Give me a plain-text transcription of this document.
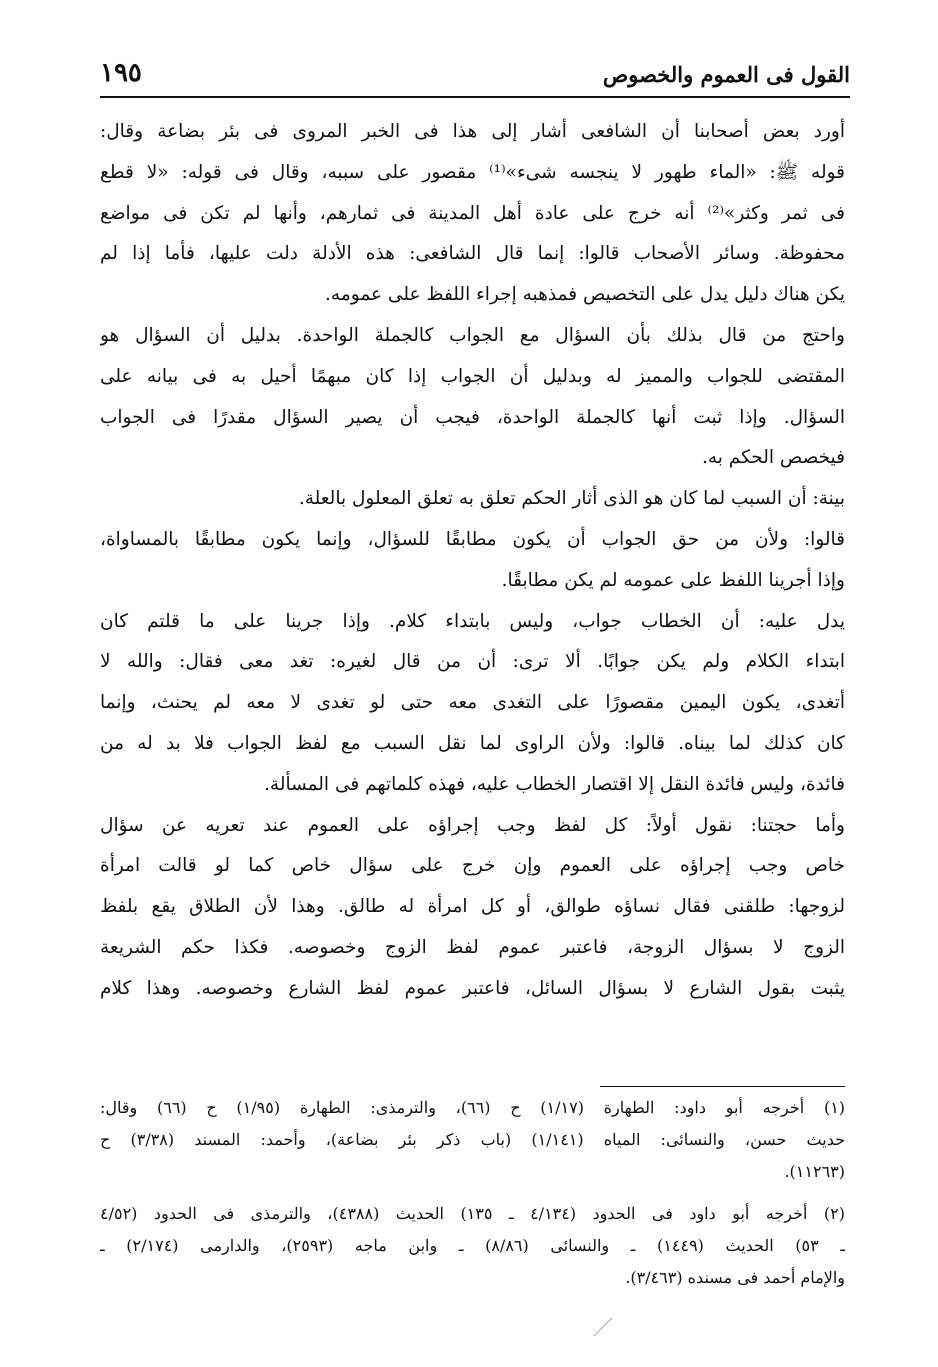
القول فى العموم والخصوص
١٩٥
أورد بعض أصحابنا أن الشافعى أشار إلى هذا فى الخبر المروى فى بئر بضاعة وقال:
قوله ﷺ: «الماء طهور لا ينجسه شىء»⁽¹⁾ مقصور على سببه، وقال فى قوله: «لا قطع
فى ثمر وكثر»⁽²⁾ أنه خرج على عادة أهل المدينة فى ثمارهم، وأنها لم تكن فى مواضع
محفوظة. وسائر الأصحاب قالوا: إنما قال الشافعى: هذه الأدلة دلت عليها، فأما إذا لم
يكن هناك دليل يدل على التخصيص فمذهبه إجراء اللفظ على عمومه.
واحتج من قال بذلك بأن السؤال مع الجواب كالجملة الواحدة. بدليل أن السؤال هو
المقتضى للجواب والمميز له وبدليل أن الجواب إذا كان مبهمًا أحيل به فى بيانه على
السؤال. وإذا ثبت أنها كالجملة الواحدة، فيجب أن يصير السؤال مقدرًا فى الجواب
فيخصص الحكم به.
بينة: أن السبب لما كان هو الذى أثار الحكم تعلق به تعلق المعلول بالعلة.
قالوا: ولأن من حق الجواب أن يكون مطابقًا للسؤال، وإنما يكون مطابقًا بالمساواة،
وإذا أجرينا اللفظ على عمومه لم يكن مطابقًا.
يدل عليه: أن الخطاب جواب، وليس بابتداء كلام. وإذا جرينا على ما قلتم كان
ابتداء الكلام ولم يكن جوابًا. ألا ترى: أن من قال لغيره: تغد معى فقال: والله لا
أتغدى، يكون اليمين مقصورًا على التغدى معه حتى لو تغدى لا معه لم يحنث، وإنما
كان كذلك لما بيناه. قالوا: ولأن الراوى لما نقل السبب مع لفظ الجواب فلا بد له من
فائدة، وليس فائدة النقل إلا اقتصار الخطاب عليه، فهذه كلماتهم فى المسألة.
وأما حجتنا: نقول أولاً: كل لفظ وجب إجراؤه على العموم عند تعريه عن سؤال
خاص وجب إجراؤه على العموم وإن خرج على سؤال خاص كما لو قالت امرأة
لزوجها: طلقنى فقال نساؤه طوالق، أو كل امرأة له طالق. وهذا لأن الطلاق يقع بلفظ
الزوج لا بسؤال الزوجة، فاعتبر عموم لفظ الزوج وخصوصه. فكذا حكم الشريعة
يثبت بقول الشارع لا بسؤال السائل، فاعتبر عموم لفظ الشارع وخصوصه. وهذا كلام
(١) أخرجه أبو داود: الطهارة (١/١٧) ح (٦٦)، والترمذى: الطهارة (١/٩٥) ح (٦٦) وقال:
حديث حسن، والنسائى: المياه (١/١٤١) (باب ذكر بئر بضاعة)، وأحمد: المسند (٣/٣٨) ح
(١١٢٦٣).
(٢) أخرجه أبو داود فى الحدود (٤/١٣٤ ـ ١٣٥) الحديث (٤٣٨٨)، والترمذى فى الحدود (٤/٥٢
ـ ٥٣) الحديث (١٤٤٩) ـ والنسائى (٨/٨٦) ـ وابن ماجه (٢٥٩٣)، والدارمى (٢/١٧٤) ـ
والإمام أحمد فى مسنده (٣/٤٦٣).
